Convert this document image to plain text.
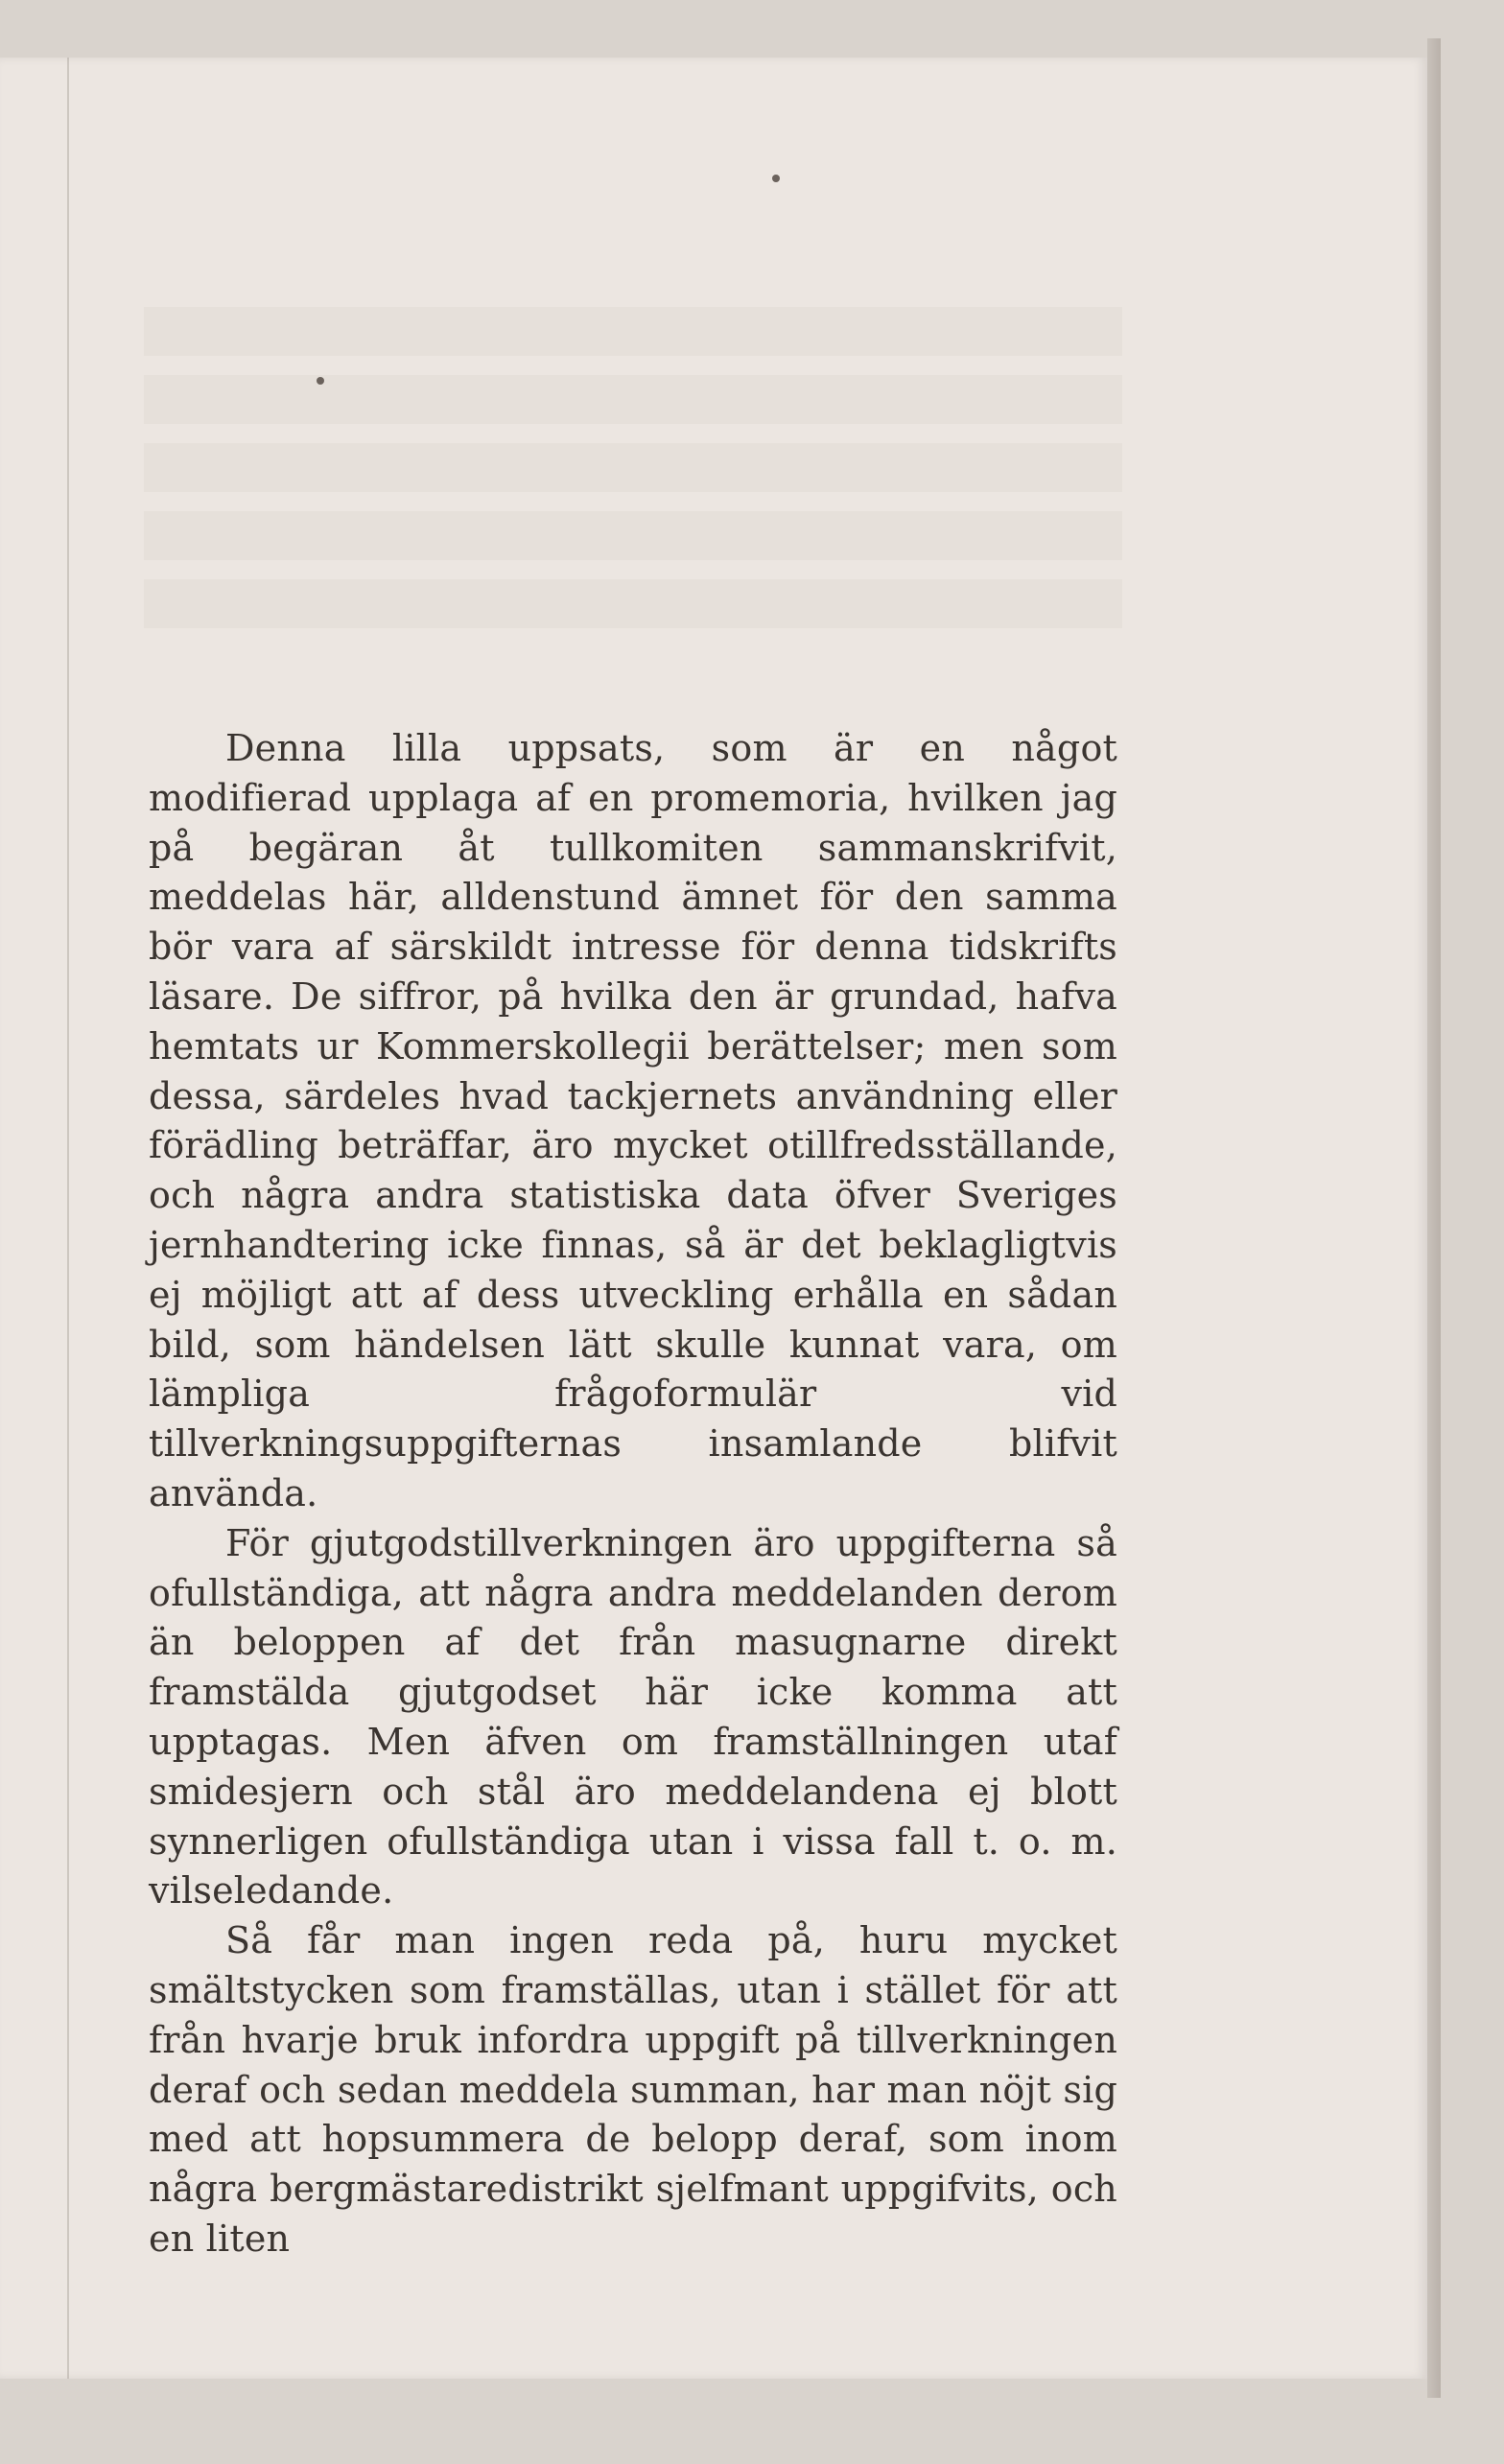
Denna lilla uppsats, som är en något modifierad upplaga af en promemoria, hvilken jag på begäran åt tullkomiten sammanskrifvit, meddelas här, alldenstund ämnet för den samma bör vara af särskildt intresse för denna tidskrifts läsare. De siffror, på hvilka den är grundad, hafva hemtats ur Kommerskollegii berättelser; men som dessa, särdeles hvad tackjernets användning eller förädling beträffar, äro mycket otillfredsställande, och några andra statistiska data öfver Sveriges jernhandtering icke finnas, så är det beklagligtvis ej möjligt att af dess utveckling erhålla en sådan bild, som händelsen lätt skulle kunnat vara, om lämpliga frågoformulär vid tillverkningsuppgifternas insamlande blifvit använda.

För gjutgodstillverkningen äro uppgifterna så ofullständiga, att några andra meddelanden derom än beloppen af det från masugnarne direkt framstälda gjutgodset här icke komma att upptagas. Men äfven om framställningen utaf smidesjern och stål äro meddelandena ej blott synnerligen ofullständiga utan i vissa fall t. o. m. vilseledande.

Så får man ingen reda på, huru mycket smältstycken som framställas, utan i stället för att från hvarje bruk infordra uppgift på tillverkningen deraf och sedan meddela summan, har man nöjt sig med att hopsummera de belopp deraf, som inom några bergmästaredistrikt sjelfmant uppgifvits, och en liten
